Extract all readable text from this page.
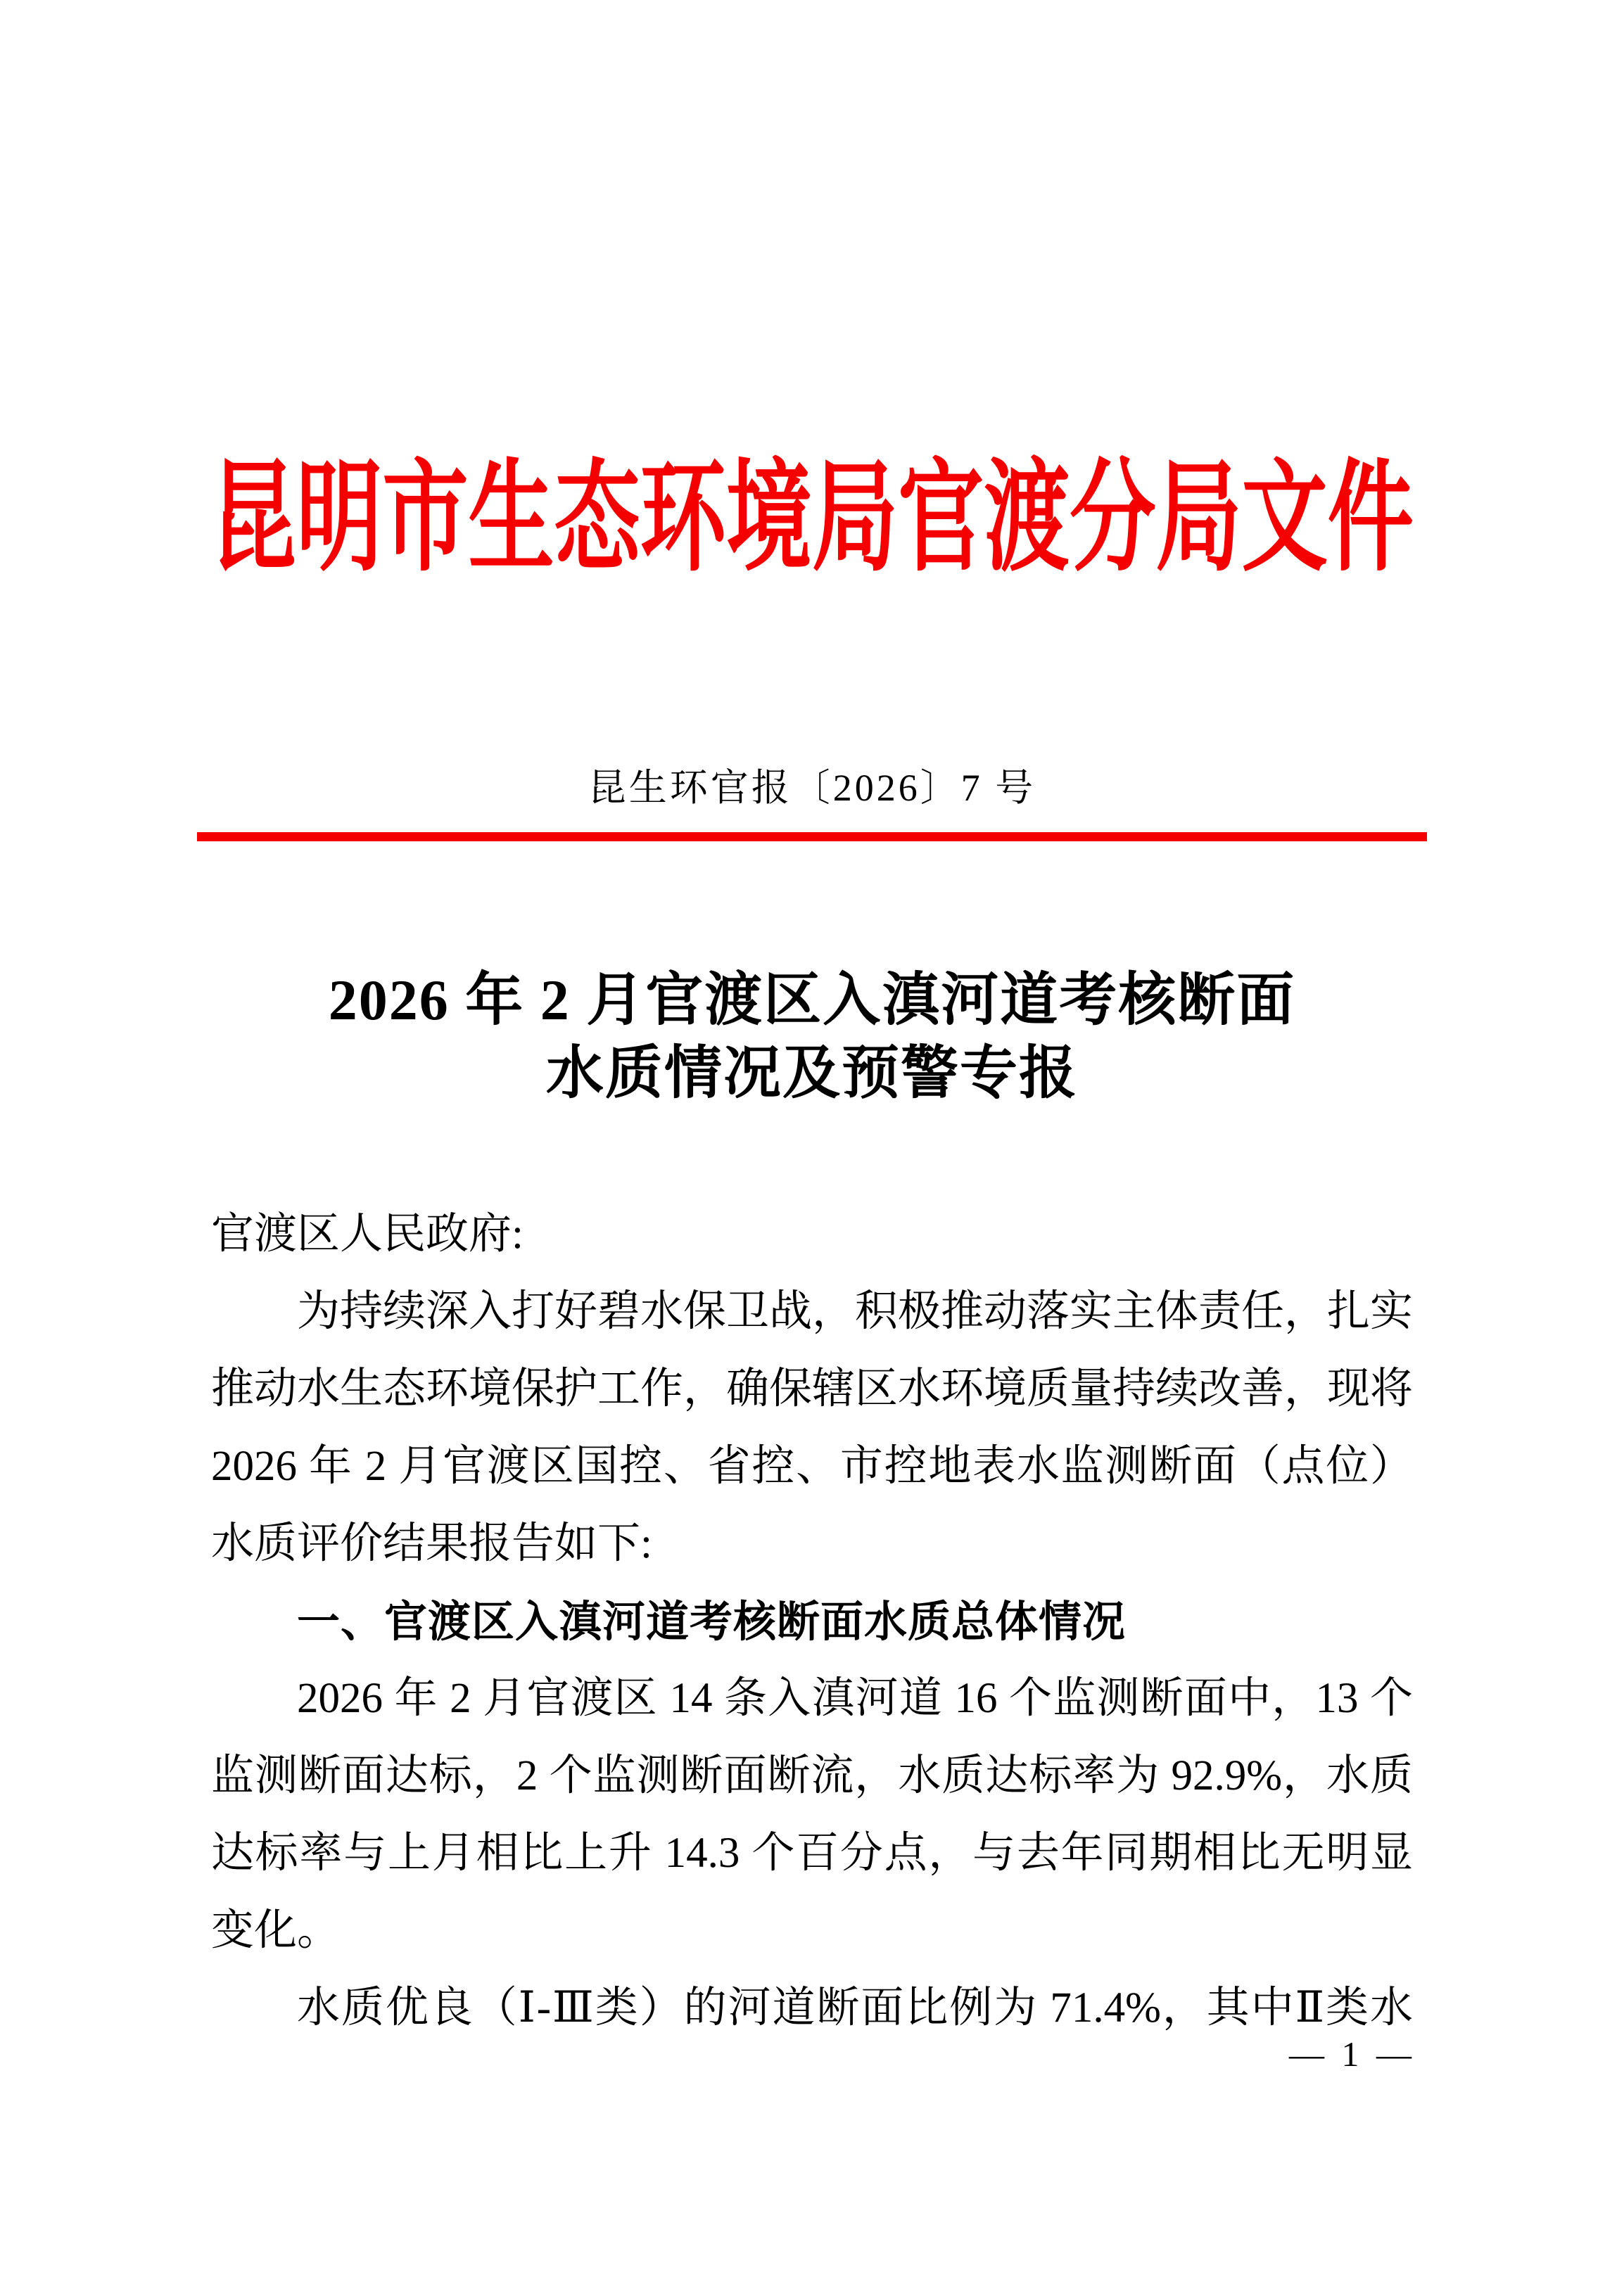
昆明市生态环境局官渡分局文件
昆生环官报〔2026〕7 号
2026 年 2 月官渡区入滇河道考核断面
水质情况及预警专报
官渡区人民政府:
为持续深入打好碧水保卫战，积极推动落实主体责任，扎实
推动水生态环境保护工作，确保辖区水环境质量持续改善，现将
2026 年 2 月官渡区国控、省控、市控地表水监测断面（点位）
水质评价结果报告如下:
一、官渡区入滇河道考核断面水质总体情况
2026 年 2 月官渡区 14 条入滇河道 16 个监测断面中，13 个
监测断面达标，2 个监测断面断流，水质达标率为 92.9%，水质
达标率与上月相比上升 14.3 个百分点，与去年同期相比无明显
变化。
水质优良（Ⅰ-Ⅲ类）的河道断面比例为 71.4%，其中Ⅱ类水
— 1 —
